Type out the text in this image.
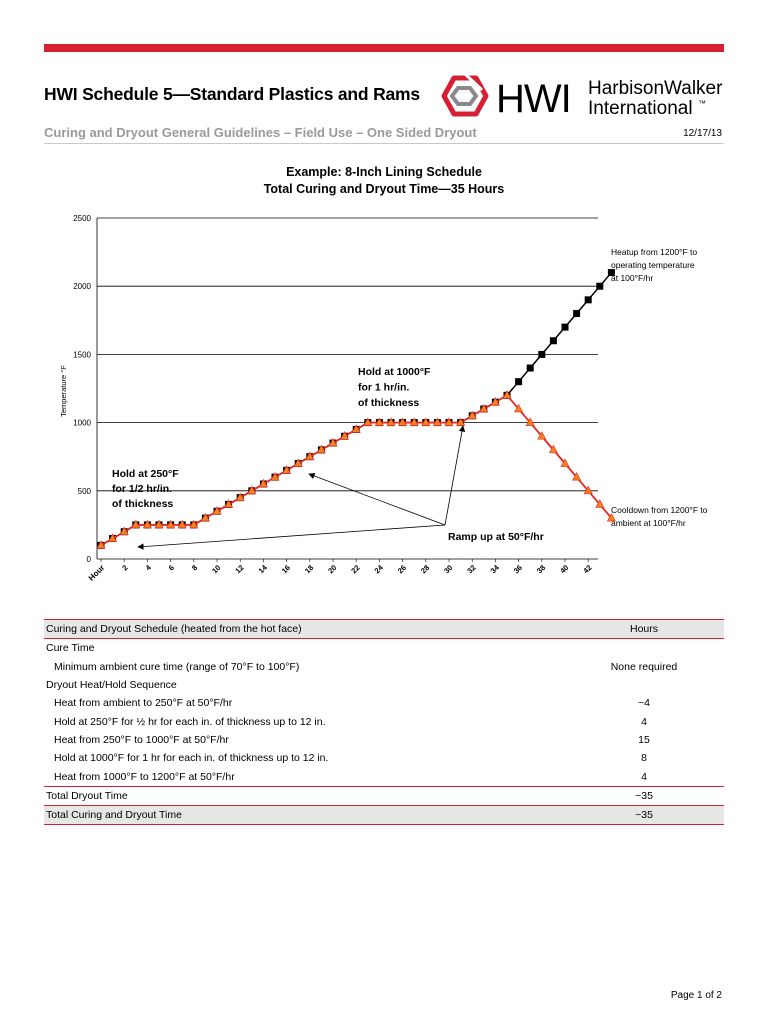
HWI Schedule 5—Standard Plastics and Rams HWI HarbisonWalker
International ™
Curing and Dryout General Guidelines – Field Use – One Sided Dryout	12/17/13
Example: 8-Inch Lining Schedule
Total Curing and Dryout Time—35 Hours
0
500
1000
1500
2000
2500
Temperature °F
Hour 2 4 6 8 10 12 14 16 18 20 22 24 26 28 30 32 34 36 38 40 42
Heatup from 1200°F to
operating temperature
at 100°F/hr
Hold at 1000°F
for 1 hr/in.
of thickness
Hold at 250°F
for 1/2 hr/in.
of thickness
Ramp up at 50°F/hr
Cooldown from 1200°F to
ambient at 100°F/hr
Curing and Dryout Schedule (heated from the hot face)	Hours
Cure Time
Minimum ambient cure time (range of 70°F to 100°F)	None required
Dryout Heat/Hold Sequence
Heat from ambient to 250°F at 50°F/hr	~4
Hold at 250°F for ½ hr for each in. of thickness up to 12 in.	4
Heat from 250°F to 1000°F at 50°F/hr	15
Hold at 1000°F for 1 hr for each in. of thickness up to 12 in.	8
Heat from 1000°F to 1200°F at 50°F/hr	4
Total Dryout Time	~35
Total Curing and Dryout Time	~35
Page 1 of 2
